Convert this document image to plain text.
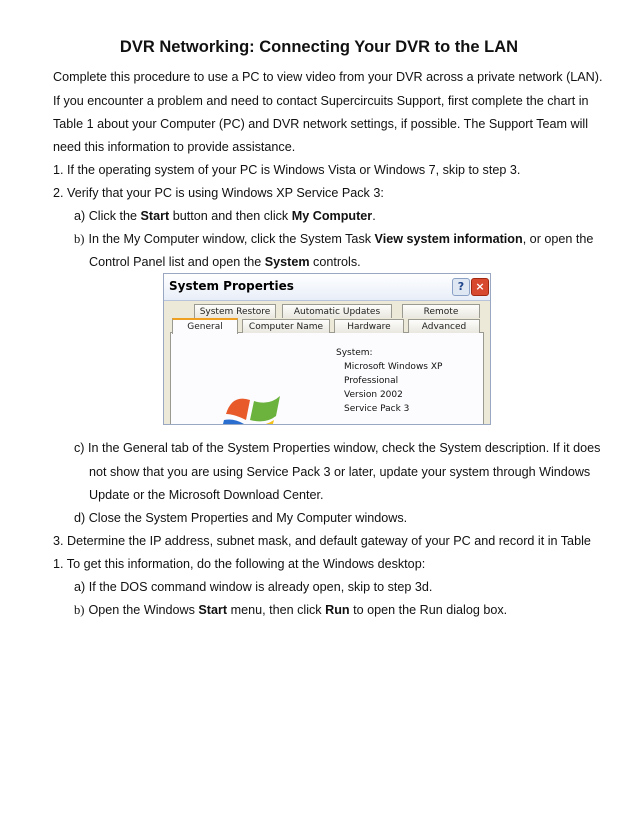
DVR Networking: Connecting Your DVR to the LAN
Complete this procedure to use a PC to view video from your DVR across a private network (LAN).
If you encounter a problem and need to contact Supercircuits Support, first complete the chart in
Table 1 about your Computer (PC) and DVR network settings, if possible. The Support Team will
need this information to provide assistance.
1. If the operating system of your PC is Windows Vista or Windows 7, skip to step 3.
2. Verify that your PC is using Windows XP Service Pack 3:
a) Click the Start button and then click My Computer.
b) In the My Computer window, click the System Task View system information, or open the
Control Panel list and open the System controls.
System Properties	?	×
System Restore	Automatic Updates	Remote
General	Computer Name	Hardware	Advanced
System:
Microsoft Windows XP
Professional
Version 2002
Service Pack 3
c) In the General tab of the System Properties window, check the System description. If it does
not show that you are using Service Pack 3 or later, update your system through Windows
Update or the Microsoft Download Center.
d) Close the System Properties and My Computer windows.
3. Determine the IP address, subnet mask, and default gateway of your PC and record it in Table
1. To get this information, do the following at the Windows desktop:
a) If the DOS command window is already open, skip to step 3d.
b) Open the Windows Start menu, then click Run to open the Run dialog box.
